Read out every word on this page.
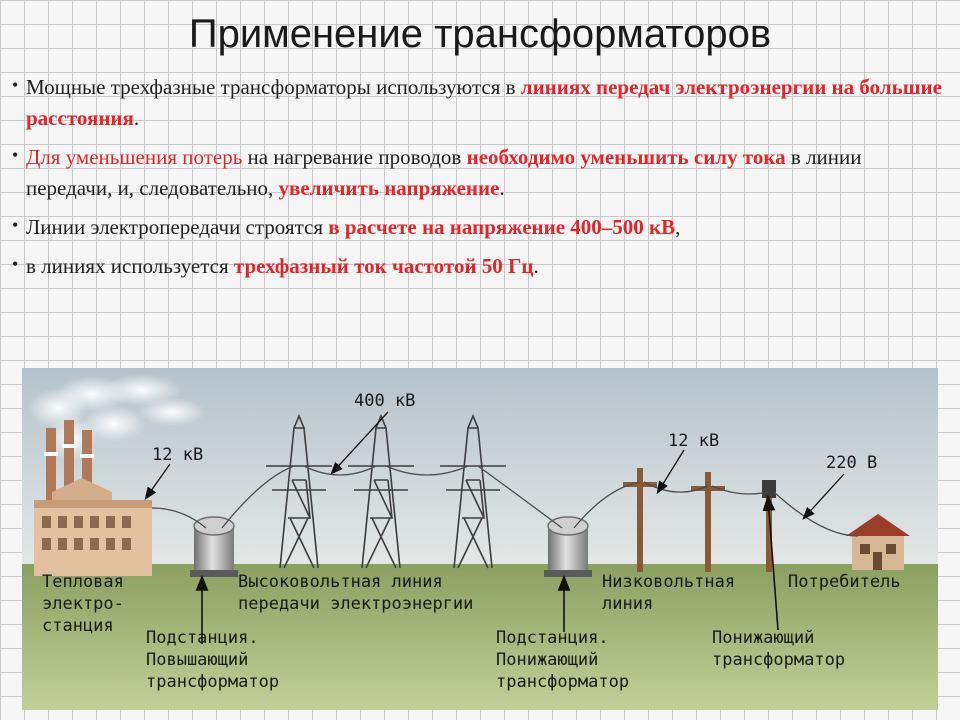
Применение трансформаторов
• Мощные трехфазные трансформаторы используются в линиях передач электроэнергии на большие расстояния.
• Для уменьшения потерь на нагревание проводов необходимо уменьшить силу тока в линии передачи, и, следовательно, увеличить напряжение.
• Линии электропередачи строятся в расчете на напряжение 400–500 кВ,
• в линиях используется трехфазный ток частотой 50 Гц.
12 кВ
400 кВ
12 кВ
220 В
Тепловая
электро-
станция
Высоковольтная линия
передачи электроэнергии
Низковольтная
линия
Потребитель
Подстанция.
Повышающий
трансформатор
Подстанция.
Понижающий
трансформатор
Понижающий
трансформатор
